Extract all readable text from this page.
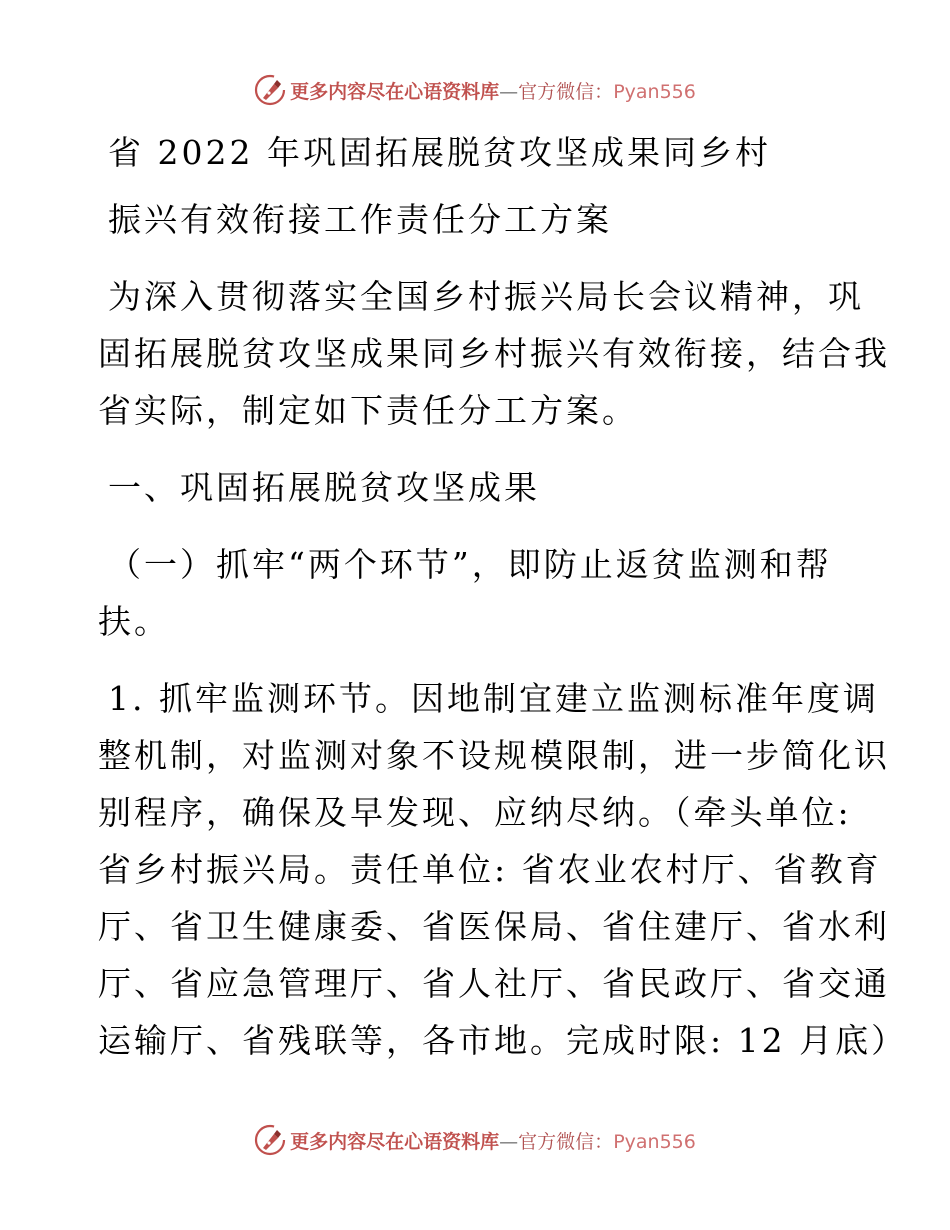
更多内容尽在心语资料库—官方微信：Pyan556
省 2022 年巩固拓展脱贫攻坚成果同乡村
振兴有效衔接工作责任分工方案
为深入贯彻落实全国乡村振兴局长会议精神，巩
固拓展脱贫攻坚成果同乡村振兴有效衔接，结合我
省实际，制定如下责任分工方案。
一、巩固拓展脱贫攻坚成果
（一）抓牢“两个环节”，即防止返贫监测和帮
扶。
1. 抓牢监测环节。因地制宜建立监测标准年度调
整机制，对监测对象不设规模限制，进一步简化识
别程序，确保及早发现、应纳尽纳。（牵头单位:
省乡村振兴局。责任单位: 省农业农村厅、省教育
厅、省卫生健康委、省医保局、省住建厅、省水利
厅、省应急管理厅、省人社厅、省民政厅、省交通
运输厅、省残联等，各市地。完成时限: 12 月底）
更多内容尽在心语资料库—官方微信：Pyan556
